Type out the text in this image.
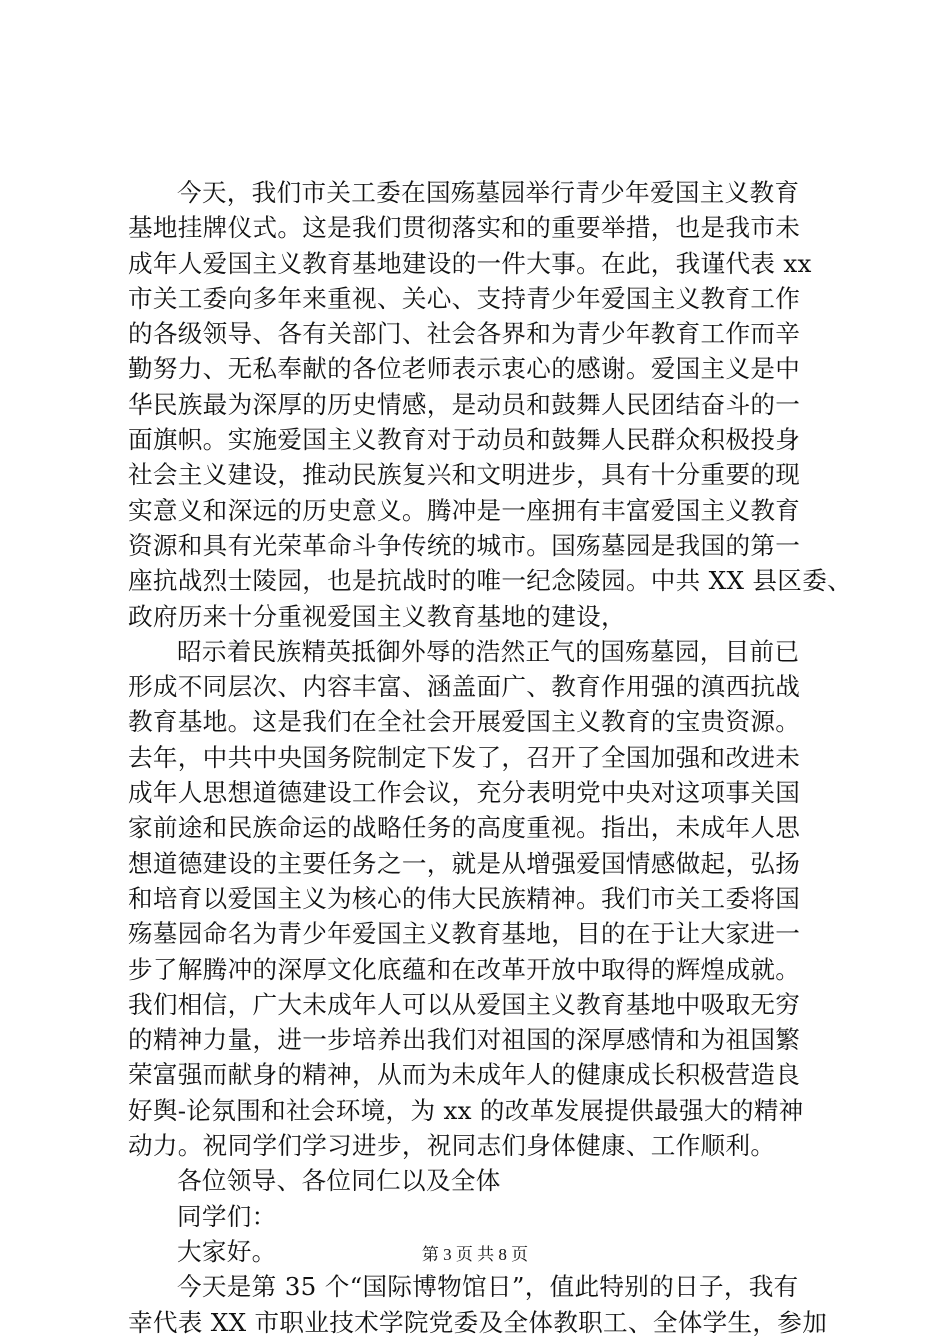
今天，我们市关工委在国殇墓园举行青少年爱国主义教育
基地挂牌仪式。这是我们贯彻落实和的重要举措，也是我市未
成年人爱国主义教育基地建设的一件大事。在此，我谨代表 xx
市关工委向多年来重视、关心、支持青少年爱国主义教育工作
的各级领导、各有关部门、社会各界和为青少年教育工作而辛
勤努力、无私奉献的各位老师表示衷心的感谢。爱国主义是中
华民族最为深厚的历史情感，是动员和鼓舞人民团结奋斗的一
面旗帜。实施爱国主义教育对于动员和鼓舞人民群众积极投身
社会主义建设，推动民族复兴和文明进步，具有十分重要的现
实意义和深远的历史意义。腾冲是一座拥有丰富爱国主义教育
资源和具有光荣革命斗争传统的城市。国殇墓园是我国的第一
座抗战烈士陵园，也是抗战时的唯一纪念陵园。中共 XX 县区委、
政府历来十分重视爱国主义教育基地的建设，
昭示着民族精英抵御外辱的浩然正气的国殇墓园，目前已
形成不同层次、内容丰富、涵盖面广、教育作用强的滇西抗战
教育基地。这是我们在全社会开展爱国主义教育的宝贵资源。
去年，中共中央国务院制定下发了，召开了全国加强和改进未
成年人思想道德建设工作会议，充分表明党中央对这项事关国
家前途和民族命运的战略任务的高度重视。指出，未成年人思
想道德建设的主要任务之一，就是从增强爱国情感做起，弘扬
和培育以爱国主义为核心的伟大民族精神。我们市关工委将国
殇墓园命名为青少年爱国主义教育基地，目的在于让大家进一
步了解腾冲的深厚文化底蕴和在改革开放中取得的辉煌成就。
我们相信，广大未成年人可以从爱国主义教育基地中吸取无穷
的精神力量，进一步培养出我们对祖国的深厚感情和为祖国繁
荣富强而献身的精神，从而为未成年人的健康成长积极营造良
好舆-论氛围和社会环境，为 xx 的改革发展提供最强大的精神
动力。祝同学们学习进步，祝同志们身体健康、工作顺利。
各位领导、各位同仁以及全体
同学们：
大家好。
今天是第 35 个“国际博物馆日”，值此特别的日子，我有
幸代表 XX 市职业技术学院党委及全体教职工、全体学生，参加
第 3 页 共 8 页
